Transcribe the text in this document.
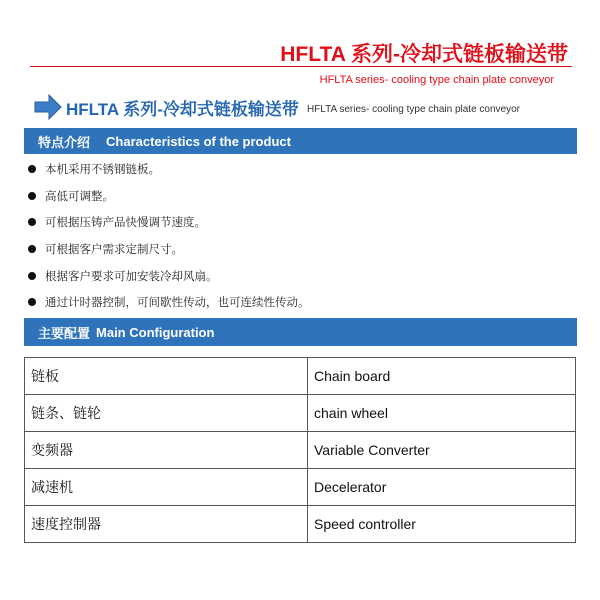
HFLTA 系列-冷却式链板输送带
HFLTA series- cooling type chain plate conveyor
HFLTA 系列-冷却式链板输送带 HFLTA series- cooling type chain plate conveyor
特点介绍 Characteristics of the product
本机采用不锈钢链板。
高低可调整。
可根据压铸产品快慢调节速度。
可根据客户需求定制尺寸。
根据客户要求可加安装冷却风扇。
通过计时器控制，可间歇性传动，也可连续性传动。
主要配置 Main Configuration
链板	Chain board
链条、链轮	chain wheel
变频器	Variable Converter
减速机	Decelerator
速度控制器	Speed controller
